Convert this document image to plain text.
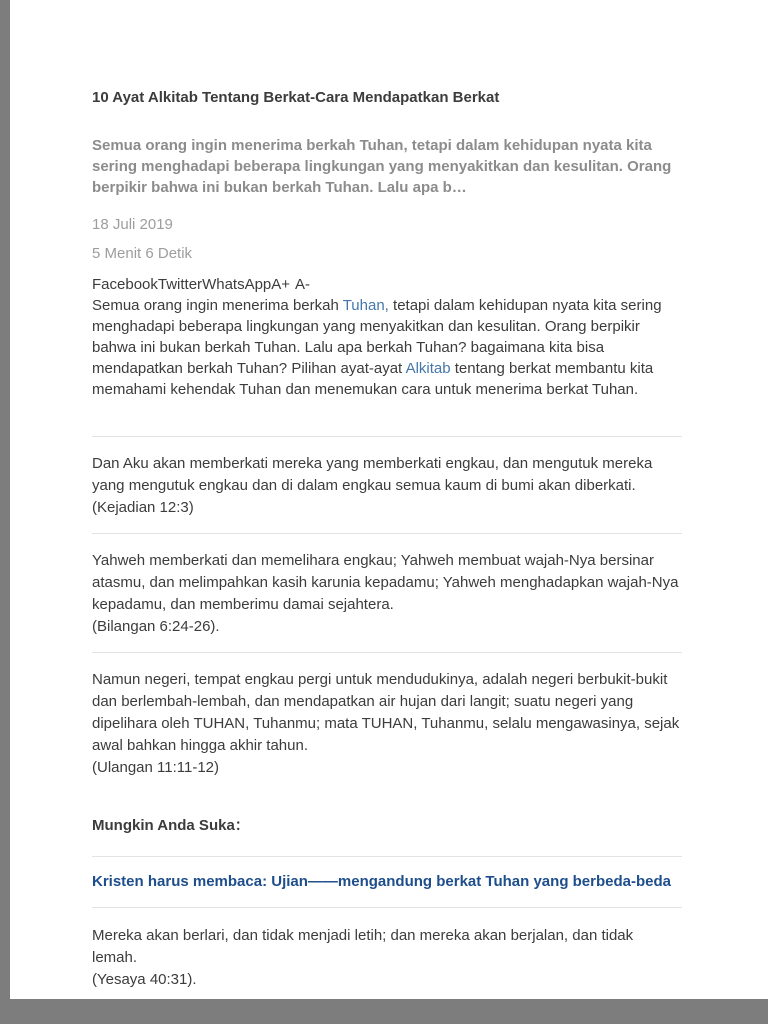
10 Ayat Alkitab Tentang Berkat-Cara Mendapatkan Berkat

Semua orang ingin menerima berkah Tuhan, tetapi dalam kehidupan nyata kita sering menghadapi beberapa lingkungan yang menyakitkan dan kesulitan. Orang berpikir bahwa ini bukan berkah Tuhan. Lalu apa b…

18 Juli 2019
5 Menit 6 Detik
FacebookTwitterWhatsAppA+ A-

Semua orang ingin menerima berkah Tuhan, tetapi dalam kehidupan nyata kita sering menghadapi beberapa lingkungan yang menyakitkan dan kesulitan. Orang berpikir bahwa ini bukan berkah Tuhan. Lalu apa berkah Tuhan? bagaimana kita bisa mendapatkan berkah Tuhan? Pilihan ayat-ayat Alkitab tentang berkat membantu kita memahami kehendak Tuhan dan menemukan cara untuk menerima berkat Tuhan.

Dan Aku akan memberkati mereka yang memberkati engkau, dan mengutuk mereka yang mengutuk engkau dan di dalam engkau semua kaum di bumi akan diberkati.

(Kejadian 12:3)

Yahweh memberkati dan memelihara engkau; Yahweh membuat wajah-Nya bersinar atasmu, dan melimpahkan kasih karunia kepadamu; Yahweh menghadapkan wajah-Nya kepadamu, dan memberimu damai sejahtera.

(Bilangan 6:24-26).

Namun negeri, tempat engkau pergi untuk mendudukinya, adalah negeri berbukit-bukit dan berlembah-lembah, dan mendapatkan air hujan dari langit; suatu negeri yang dipelihara oleh TUHAN, Tuhanmu; mata TUHAN, Tuhanmu, selalu mengawasinya, sejak awal bahkan hingga akhir tahun.

(Ulangan 11:11-12)

Mungkin Anda Suka：
Kristen harus membaca: Ujian——mengandung berkat Tuhan yang berbeda-beda

Mereka akan berlari, dan tidak menjadi letih; dan mereka akan berjalan, dan tidak lemah.

(Yesaya 40:31).
